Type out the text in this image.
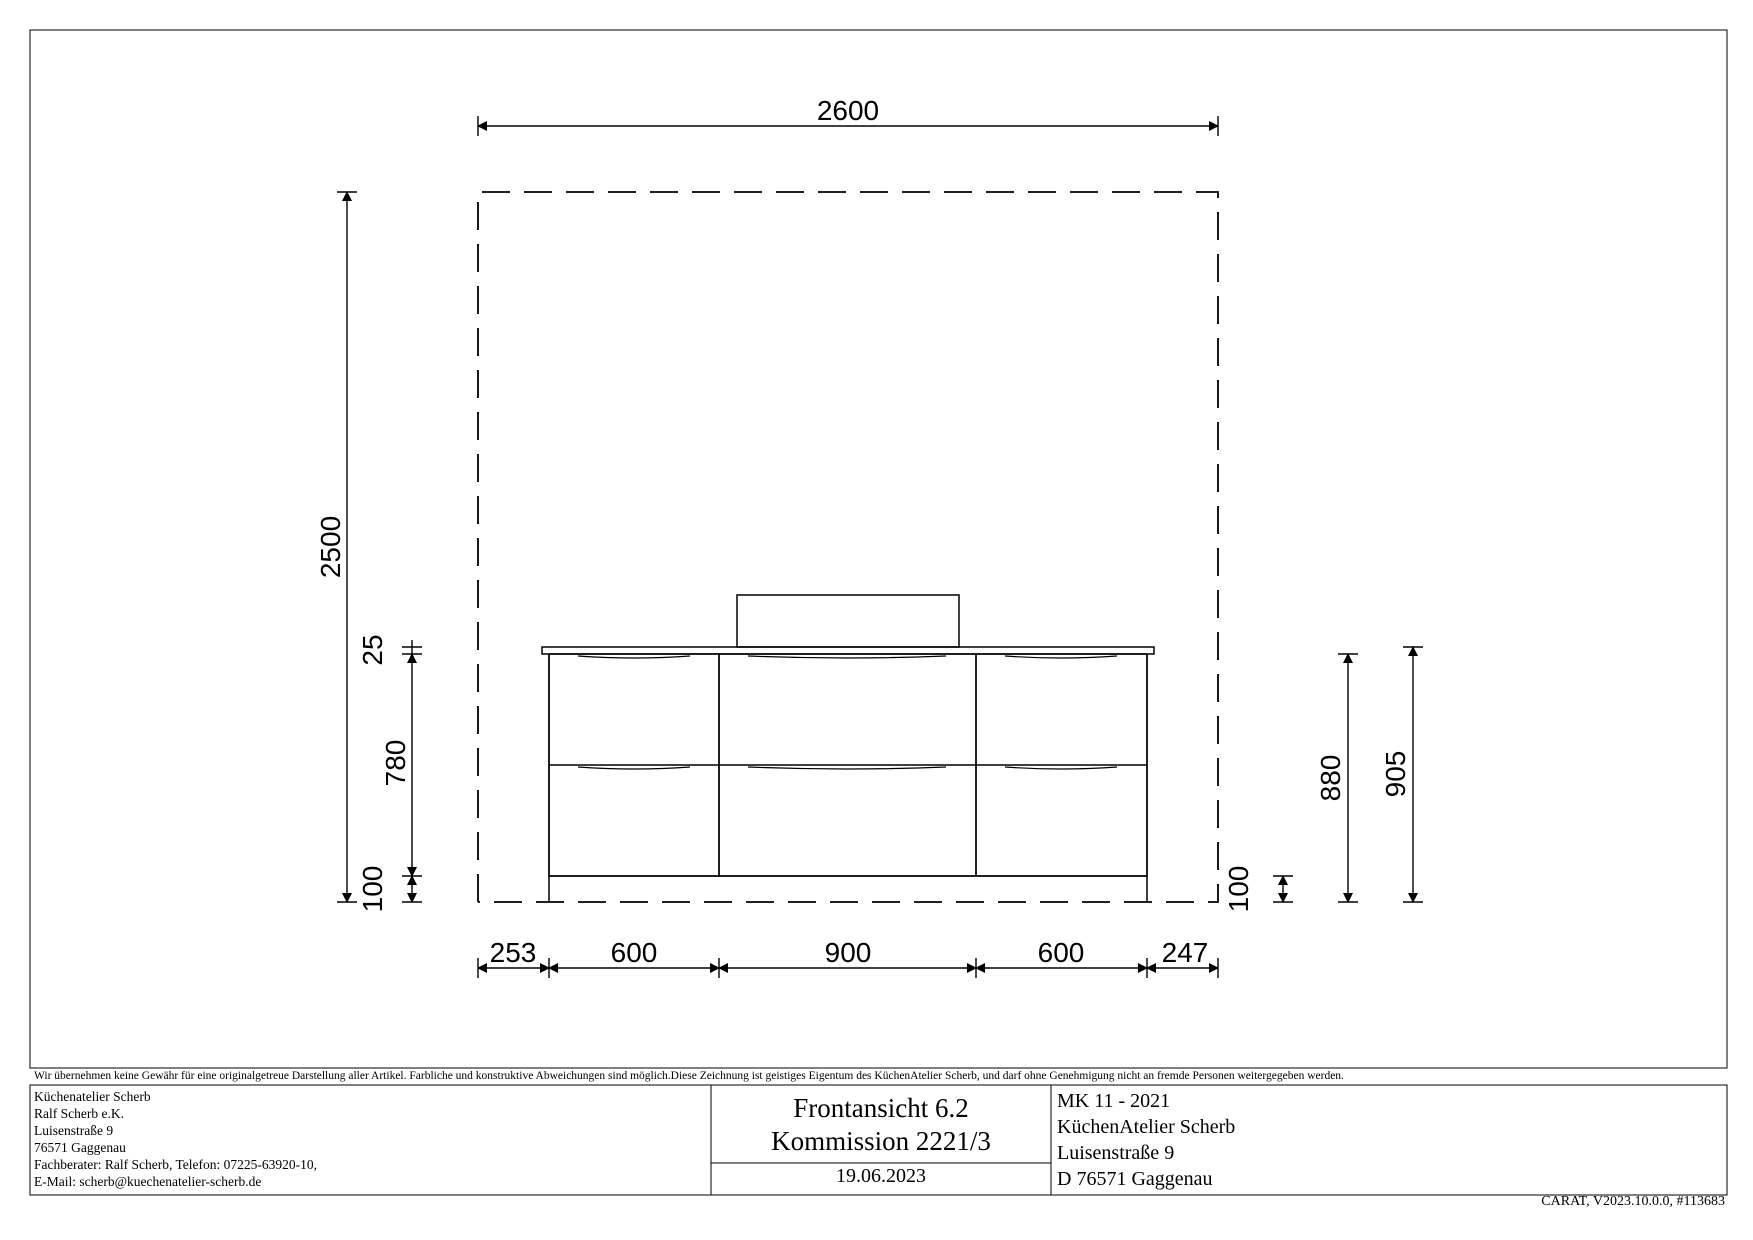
2600
2500
25
780
100	100
880 905
253	600	900	600	247
Wir übernehmen keine Gewähr für eine originalgetreue Darstellung aller Artikel. Farbliche und konstruktive Abweichungen sind möglich.Diese Zeichnung ist geistiges Eigentum des KüchenAtelier Scherb, und darf ohne Genehmigung nicht an fremde Personen weitergegeben werden.
Küchenatelier Scherb
Ralf Scherb e.K.
Luisenstraße 9
76571 Gaggenau
Fachberater: Ralf Scherb, Telefon: 07225-63920-10,
E-Mail: scherb@kuechenatelier-scherb.de
Frontansicht 6.2
Kommission 2221/3
19.06.2023
MK 11 - 2021
KüchenAtelier Scherb
Luisenstraße 9
D 76571 Gaggenau
CARAT, V2023.10.0.0, #113683
